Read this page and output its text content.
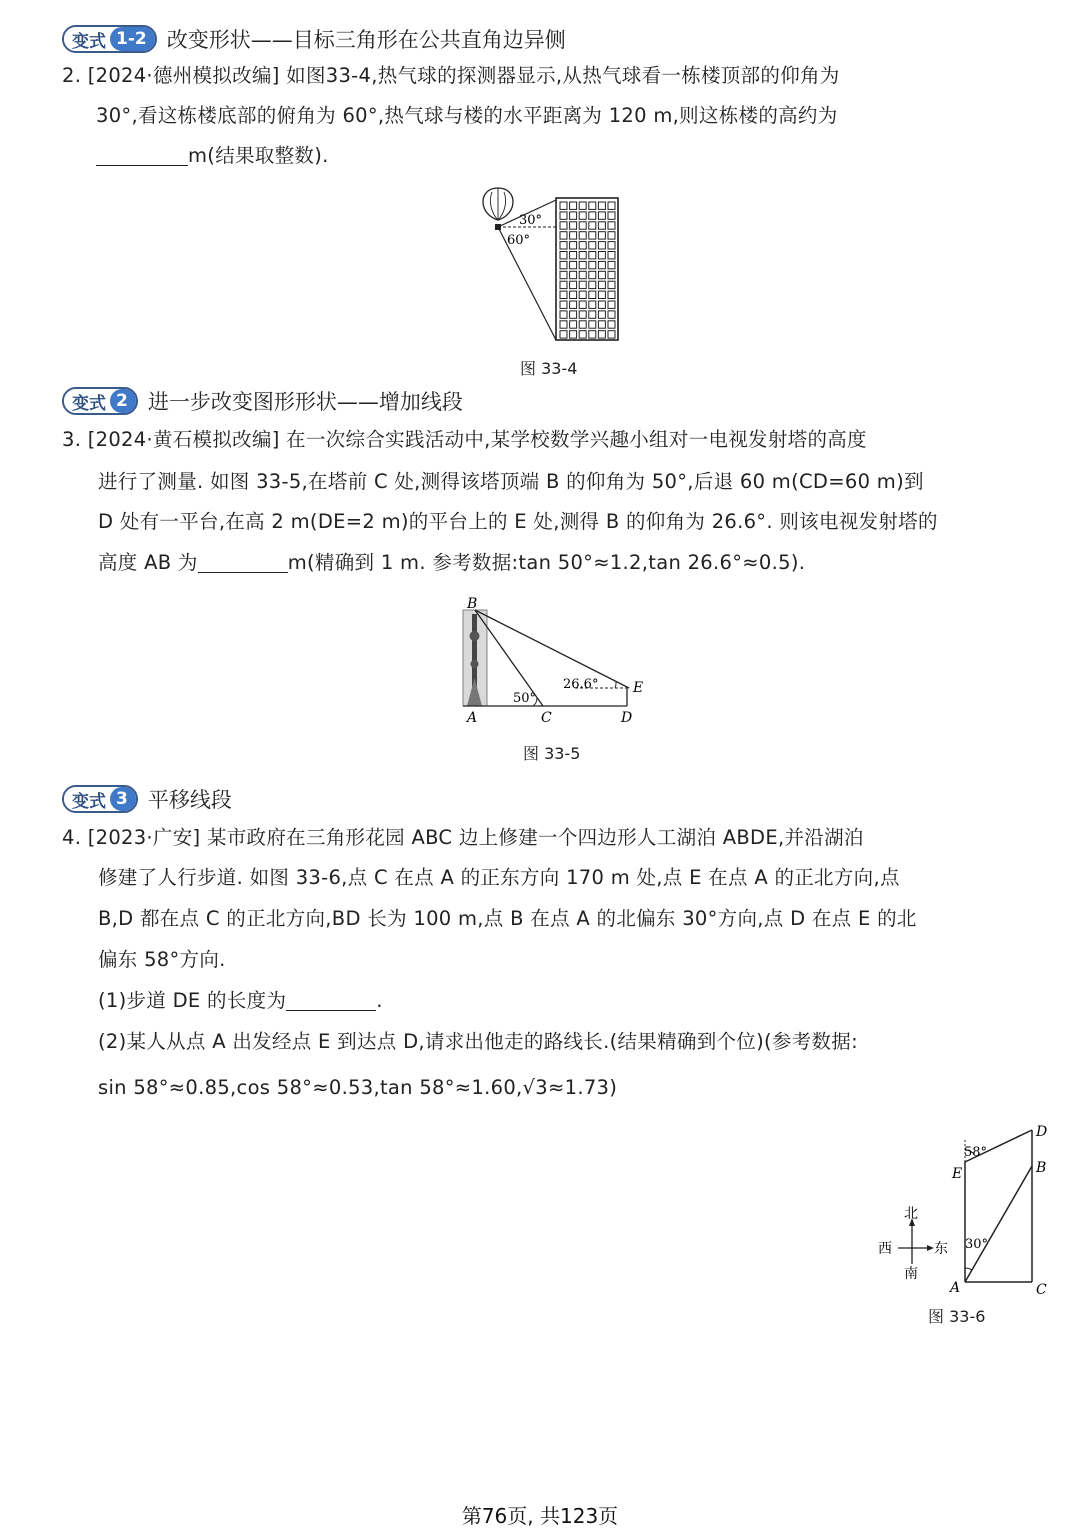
变式 1-2 改变形状——目标三角形在公共直角边异侧
2. [2024·德州模拟改编] 如图33-4,热气球的探测器显示,从热气球看一栋楼顶部的仰角为
30°,看这栋楼底部的俯角为 60°,热气球与楼的水平距离为 120 m,则这栋楼的高约为
m(结果取整数).
30°
60°
图 33-4
变式 2 进一步改变图形形状——增加线段
3. [2024·黄石模拟改编] 在一次综合实践活动中,某学校数学兴趣小组对一电视发射塔的高度
进行了测量. 如图 33-5,在塔前 C 处,测得该塔顶端 B 的仰角为 50°,后退 60 m(CD=60 m)到
D 处有一平台,在高 2 m(DE=2 m)的平台上的 E 处,测得 B 的仰角为 26.6°. 则该电视发射塔的
高度 AB 为	m(精确到 1 m. 参考数据:tan 50°≈1.2,tan 26.6°≈0.5).
B
A	C	D
E
50°
26.6°
图 33-5
变式 3 平移线段
4. [2023·广安] 某市政府在三角形花园 ABC 边上修建一个四边形人工湖泊 ABDE,并沿湖泊
修建了人行步道. 如图 33-6,点 C 在点 A 的正东方向 170 m 处,点 E 在点 A 的正北方向,点
B,D 都在点 C 的正北方向,BD 长为 100 m,点 B 在点 A 的北偏东 30°方向,点 D 在点 E 的北
偏东 58°方向.
(1)步道 DE 的长度为	.
(2)某人从点 A 出发经点 E 到达点 D,请求出他走的路线长.(结果精确到个位)(参考数据:
sin 58°≈0.85,cos 58°≈0.53,tan 58°≈1.60,√3≈1.73)
北
南
西	东
A
B
C
D
E
58°
30°
图 33-6
第76页, 共123页
